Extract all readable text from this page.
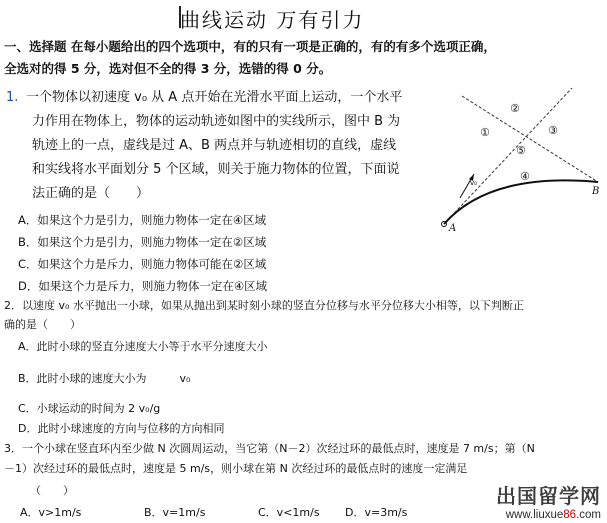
曲线运动 万有引力
一、选择题 在每小题给出的四个选项中，有的只有一项是正确的，有的有多个选项正确，
全选对的得 5 分，选对但不全的得 3 分，选错的得 0 分。
1. 一个物体以初速度 v₀ 从 A 点开始在光滑水平面上运动，一个水平
力作用在物体上，物体的运动轨迹如图中的实线所示，图中 B 为
轨迹上的一点，虚线是过 A、B 两点并与轨迹相切的直线，虚线
和实线将水平面划分 5 个区域，则关于施力物体的位置，下面说
法正确的是（　　）
A．如果这个力是引力，则施力物体一定在④区域
B．如果这个力是引力，则施力物体一定在②区域
C．如果这个力是斥力，则施力物体可能在②区域
D．如果这个力是斥力，则施力物体一定在④区域
v₀
A
B
①
②
③
④
⑤
2．以速度 v₀ 水平抛出一小球，如果从抛出到某时刻小球的竖直分位移与水平分位移大小相等，以下判断正
确的是（　　）
A．此时小球的竖直分速度大小等于水平分速度大小
B．此时小球的速度大小为　　　v₀
C．小球运动的时间为 2 v₀/g
D．此时小球速度的方向与位移的方向相同
3．一个小球在竖直环内至少做 N 次圆周运动，当它第（N－2）次经过环的最低点时，速度是 7 m/s；第（N
－1）次经过环的最低点时，速度是 5 m/s，则小球在第 N 次经过环的最低点时的速度一定满足
（　　）
A．v>1m/s	B．v=1m/s	C．v<1m/s D．v=3m/s
出国留学网
www.liuxue86.com
